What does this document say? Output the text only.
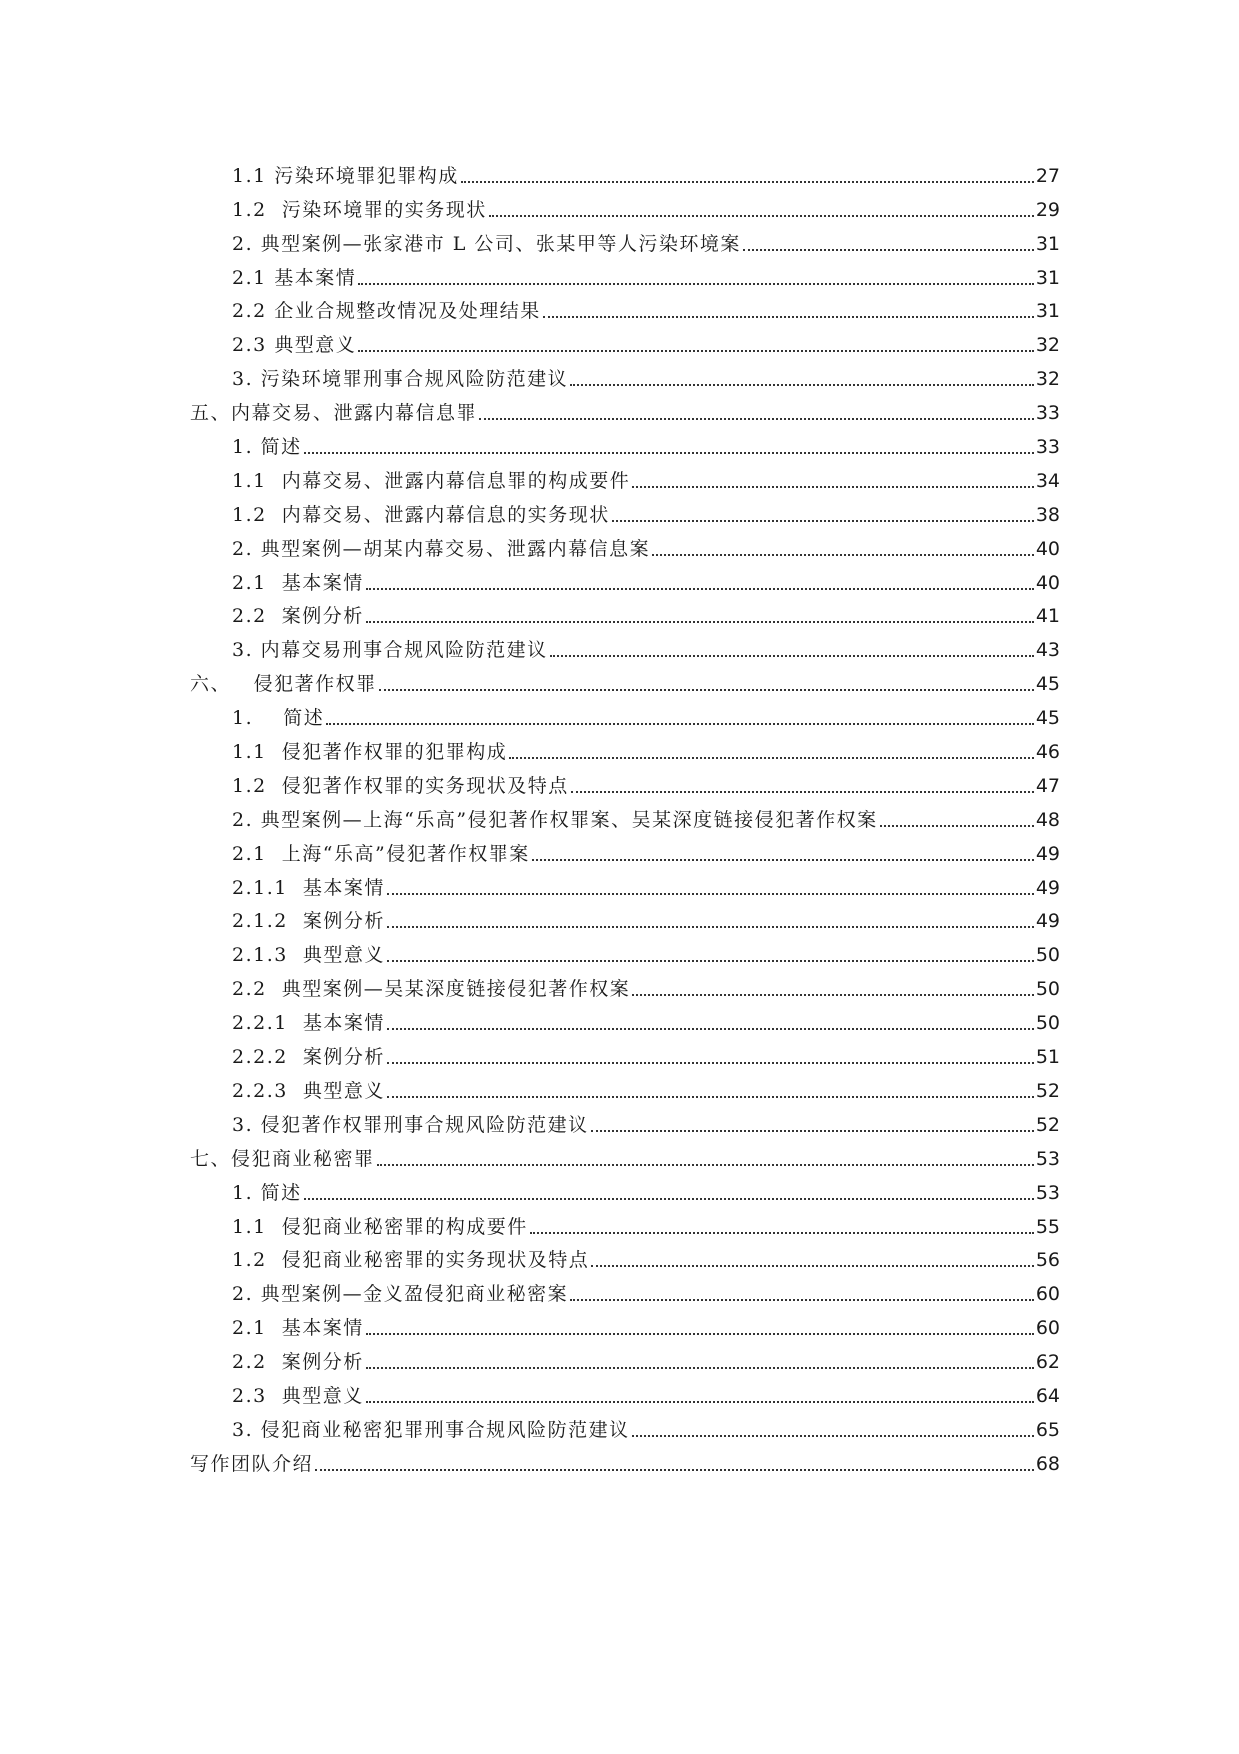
1.1 污染环境罪犯罪构成	27
1.2  污染环境罪的实务现状	29
2. 典型案例—张家港市 L 公司、张某甲等人污染环境案	31
2.1 基本案情	31
2.2 企业合规整改情况及处理结果	31
2.3 典型意义	32
3. 污染环境罪刑事合规风险防范建议	32
五、内幕交易、泄露内幕信息罪	33
1. 简述	33
1.1  内幕交易、泄露内幕信息罪的构成要件	34
1.2  内幕交易、泄露内幕信息的实务现状	38
2. 典型案例—胡某内幕交易、泄露内幕信息案	40
2.1  基本案情	40
2.2  案例分析	41
3. 内幕交易刑事合规风险防范建议	43
六、   侵犯著作权罪	45
1.    简述	45
1.1  侵犯著作权罪的犯罪构成	46
1.2  侵犯著作权罪的实务现状及特点	47
2. 典型案例—上海“乐高”侵犯著作权罪案、吴某深度链接侵犯著作权案	48
2.1  上海“乐高”侵犯著作权罪案	49
2.1.1  基本案情	49
2.1.2  案例分析	49
2.1.3  典型意义	50
2.2  典型案例—吴某深度链接侵犯著作权案	50
2.2.1  基本案情	50
2.2.2  案例分析	51
2.2.3  典型意义	52
3. 侵犯著作权罪刑事合规风险防范建议	52
七、侵犯商业秘密罪	53
1. 简述	53
1.1  侵犯商业秘密罪的构成要件	55
1.2  侵犯商业秘密罪的实务现状及特点	56
2. 典型案例—金义盈侵犯商业秘密案	60
2.1  基本案情	60
2.2  案例分析	62
2.3  典型意义	64
3. 侵犯商业秘密犯罪刑事合规风险防范建议	65
写作团队介绍	68
